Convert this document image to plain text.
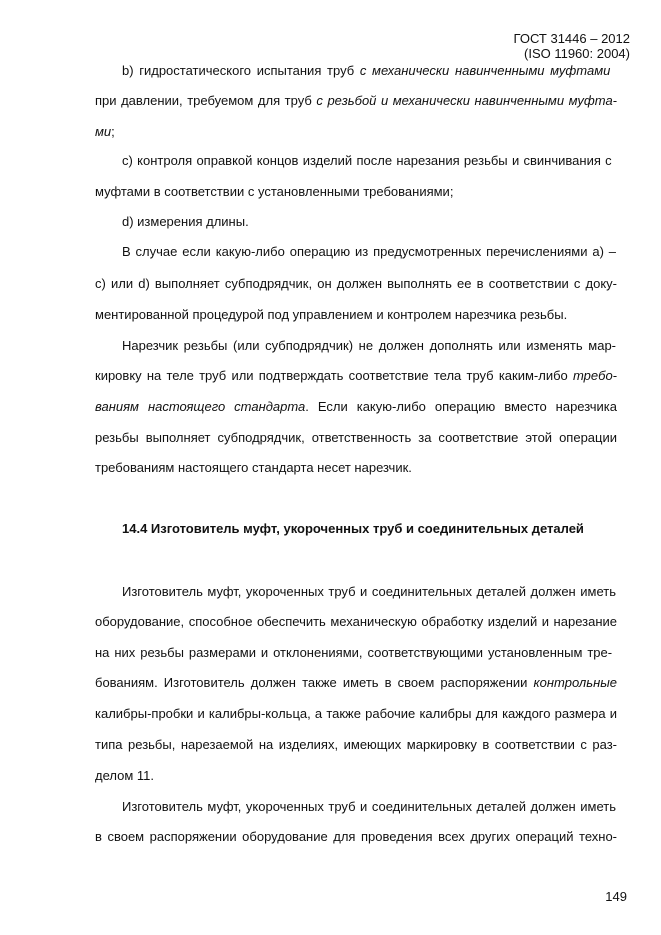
ГОСТ 31446 – 2012
(ISO 11960: 2004)
b) гидростатического испытания труб с механически навинченными муфтами
при давлении, требуемом для труб с резьбой и механически навинченными муфта-
ми;
c) контроля оправкой концов изделий после нарезания резьбы и свинчивания с
муфтами в соответствии с установленными требованиями;
d) измерения длины.
В случае если какую-либо операцию из предусмотренных перечислениями a) –
c) или d) выполняет субподрядчик, он должен выполнять ее в соответствии с доку-
ментированной процедурой под управлением и контролем нарезчика резьбы.
Нарезчик резьбы (или субподрядчик) не должен дополнять или изменять мар-
кировку на теле труб или подтверждать соответствие тела труб каким-либо требо-
ваниям настоящего стандарта. Если какую-либо операцию вместо нарезчика
резьбы выполняет субподрядчик, ответственность за соответствие этой операции
требованиям настоящего стандарта несет нарезчик.
14.4 Изготовитель муфт, укороченных труб и соединительных деталей
Изготовитель муфт, укороченных труб и соединительных деталей должен иметь
оборудование, способное обеспечить механическую обработку изделий и нарезание
на них резьбы размерами и отклонениями, соответствующими установленным тре-
бованиям. Изготовитель должен также иметь в своем распоряжении контрольные
калибры-пробки и калибры-кольца, а также рабочие калибры для каждого размера и
типа резьбы, нарезаемой на изделиях, имеющих маркировку в соответствии с раз-
делом 11.
Изготовитель муфт, укороченных труб и соединительных деталей должен иметь
в своем распоряжении оборудование для проведения всех других операций техно-
149
